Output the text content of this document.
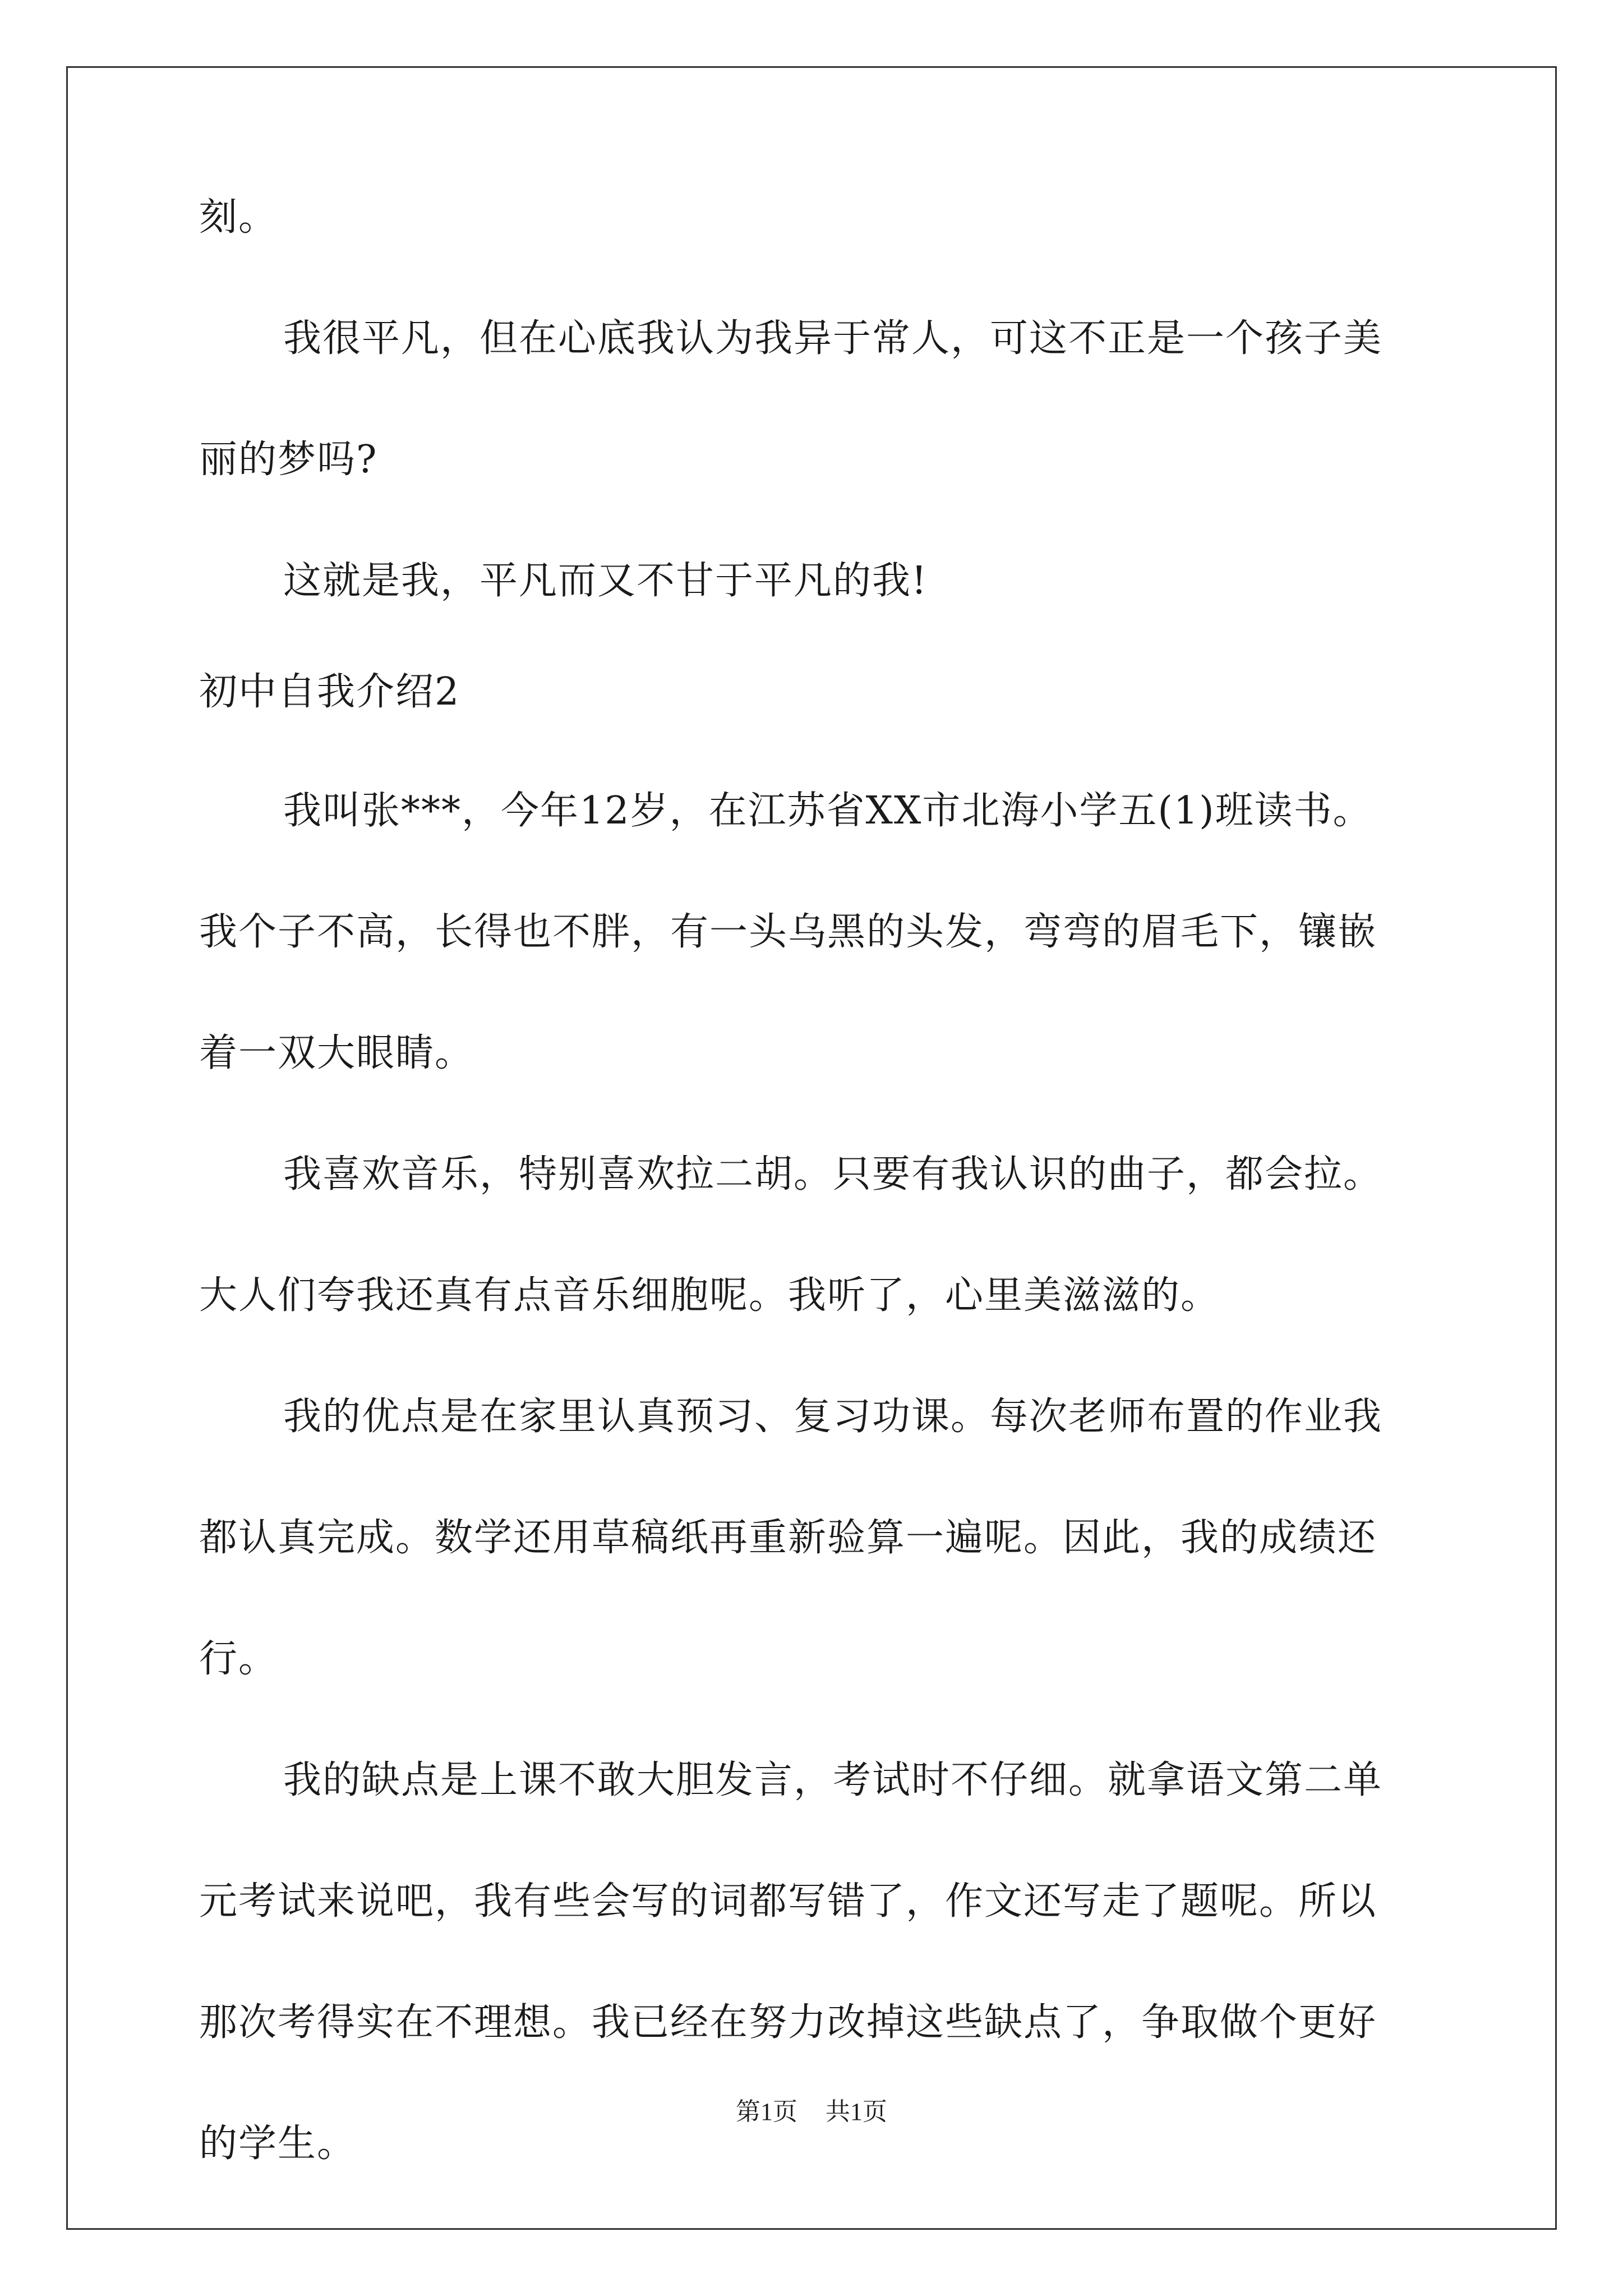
刻。
我很平凡，但在心底我认为我异于常人，可这不正是一个孩子美
丽的梦吗?
这就是我，平凡而又不甘于平凡的我!
初中自我介绍2
我叫张***，今年12岁，在江苏省XX市北海小学五(1)班读书。
我个子不高，长得也不胖，有一头乌黑的头发，弯弯的眉毛下，镶嵌
着一双大眼睛。
我喜欢音乐，特别喜欢拉二胡。只要有我认识的曲子，都会拉。
大人们夸我还真有点音乐细胞呢。我听了，心里美滋滋的。
我的优点是在家里认真预习、复习功课。每次老师布置的作业我
都认真完成。数学还用草稿纸再重新验算一遍呢。因此，我的成绩还
行。
我的缺点是上课不敢大胆发言，考试时不仔细。就拿语文第二单
元考试来说吧，我有些会写的词都写错了，作文还写走了题呢。所以
那次考得实在不理想。我已经在努力改掉这些缺点了，争取做个更好
的学生。
第1页 共1页
